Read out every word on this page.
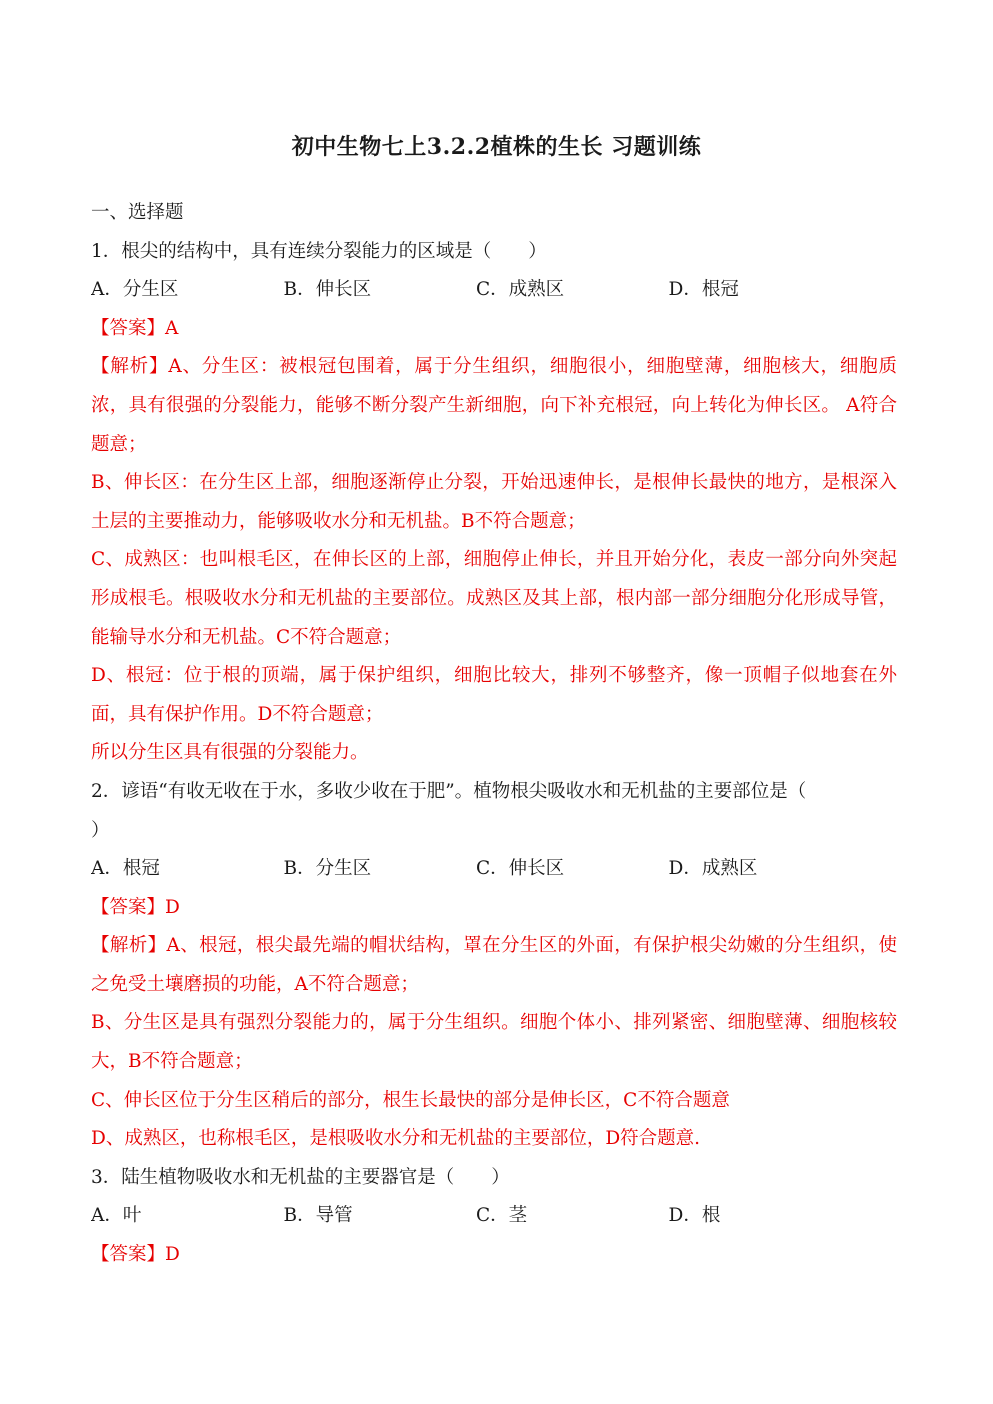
初中生物七上3.2.2植株的生长 习题训练
一、选择题
1．根尖的结构中，具有连续分裂能力的区域是（　　）
A．分生区	B．伸长区	C．成熟区	D．根冠
【答案】A
【解析】A、分生区：被根冠包围着，属于分生组织，细胞很小，细胞壁薄，细胞核大，细胞质浓，具有很强的分裂能力，能够不断分裂产生新细胞，向下补充根冠，向上转化为伸长区。 A符合题意；
B、伸长区：在分生区上部，细胞逐渐停止分裂，开始迅速伸长，是根伸长最快的地方，是根深入土层的主要推动力，能够吸收水分和无机盐。B不符合题意；
C、成熟区：也叫根毛区，在伸长区的上部，细胞停止伸长，并且开始分化，表皮一部分向外突起形成根毛。根吸收水分和无机盐的主要部位。成熟区及其上部，根内部一部分细胞分化形成导管，能输导水分和无机盐。C不符合题意；
D、根冠：位于根的顶端，属于保护组织，细胞比较大，排列不够整齐，像一顶帽子似地套在外面，具有保护作用。D不符合题意；
所以分生区具有很强的分裂能力。
2．谚语“有收无收在于水，多收少收在于肥”。植物根尖吸收水和无机盐的主要部位是（
）
A．根冠	B．分生区	C．伸长区	D．成熟区
【答案】D
【解析】A、根冠，根尖最先端的帽状结构，罩在分生区的外面，有保护根尖幼嫩的分生组织，使之免受土壤磨损的功能，A不符合题意；
B、分生区是具有强烈分裂能力的，属于分生组织。细胞个体小、排列紧密、细胞壁薄、细胞核较大，B不符合题意；
C、伸长区位于分生区稍后的部分，根生长最快的部分是伸长区，C不符合题意
D、成熟区，也称根毛区，是根吸收水分和无机盐的主要部位，D符合题意.
3．陆生植物吸收水和无机盐的主要器官是（　　）
A．叶	B．导管	C．茎	D．根
【答案】D
